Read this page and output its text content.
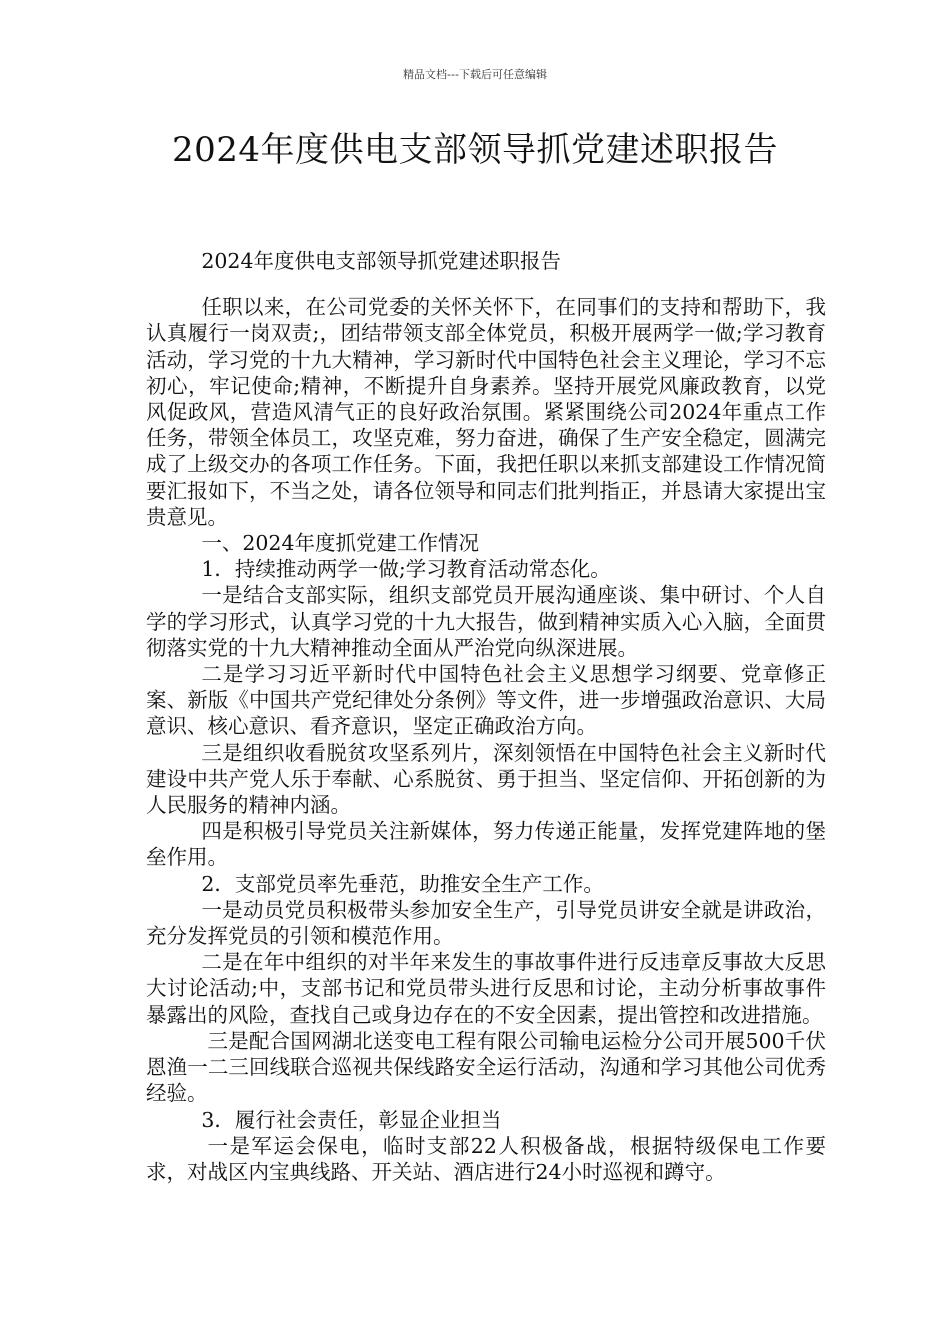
精品文档---下载后可任意编辑
2024年度供电支部领导抓党建述职报告

2024年度供电支部领导抓党建述职报告

任职以来，在公司党委的关怀关怀下，在同事们的支持和帮助下，我认真履行一岗双责;，团结带领支部全体党员，积极开展两学一做;学习教育活动，学习党的十九大精神，学习新时代中国特色社会主义理论，学习不忘初心，牢记使命;精神，不断提升自身素养。坚持开展党风廉政教育，以党风促政风，营造风清气正的良好政治氛围。紧紧围绕公司2024年重点工作任务，带领全体员工，攻坚克难，努力奋进，确保了生产安全稳定，圆满完成了上级交办的各项工作任务。下面，我把任职以来抓支部建设工作情况简要汇报如下，不当之处，请各位领导和同志们批判指正，并恳请大家提出宝贵意见。

一、2024年度抓党建工作情况

1．持续推动两学一做;学习教育活动常态化。

一是结合支部实际，组织支部党员开展沟通座谈、集中研讨、个人自学的学习形式，认真学习党的十九大报告，做到精神实质入心入脑，全面贯彻落实党的十九大精神推动全面从严治党向纵深进展。

二是学习习近平新时代中国特色社会主义思想学习纲要、党章修正案、新版《中国共产党纪律处分条例》等文件，进一步增强政治意识、大局意识、核心意识、看齐意识，坚定正确政治方向。

三是组织收看脱贫攻坚系列片，深刻领悟在中国特色社会主义新时代建设中共产党人乐于奉献、心系脱贫、勇于担当、坚定信仰、开拓创新的为人民服务的精神内涵。

四是积极引导党员关注新媒体，努力传递正能量，发挥党建阵地的堡垒作用。

2．支部党员率先垂范，助推安全生产工作。

一是动员党员积极带头参加安全生产，引导党员讲安全就是讲政治，充分发挥党员的引领和模范作用。

二是在年中组织的对半年来发生的事故事件进行反违章反事故大反思大讨论活动;中，支部书记和党员带头进行反思和讨论，主动分析事故事件暴露出的风险，查找自己或身边存在的不安全因素，提出管控和改进措施。

三是配合国网湖北送变电工程有限公司输电运检分公司开展500千伏恩渔一二三回线联合巡视共保线路安全运行活动，沟通和学习其他公司优秀经验。

3．履行社会责任，彰显企业担当

一是军运会保电，临时支部22人积极备战，根据特级保电工作要求，对战区内宝典线路、开关站、酒店进行24小时巡视和蹲守。
